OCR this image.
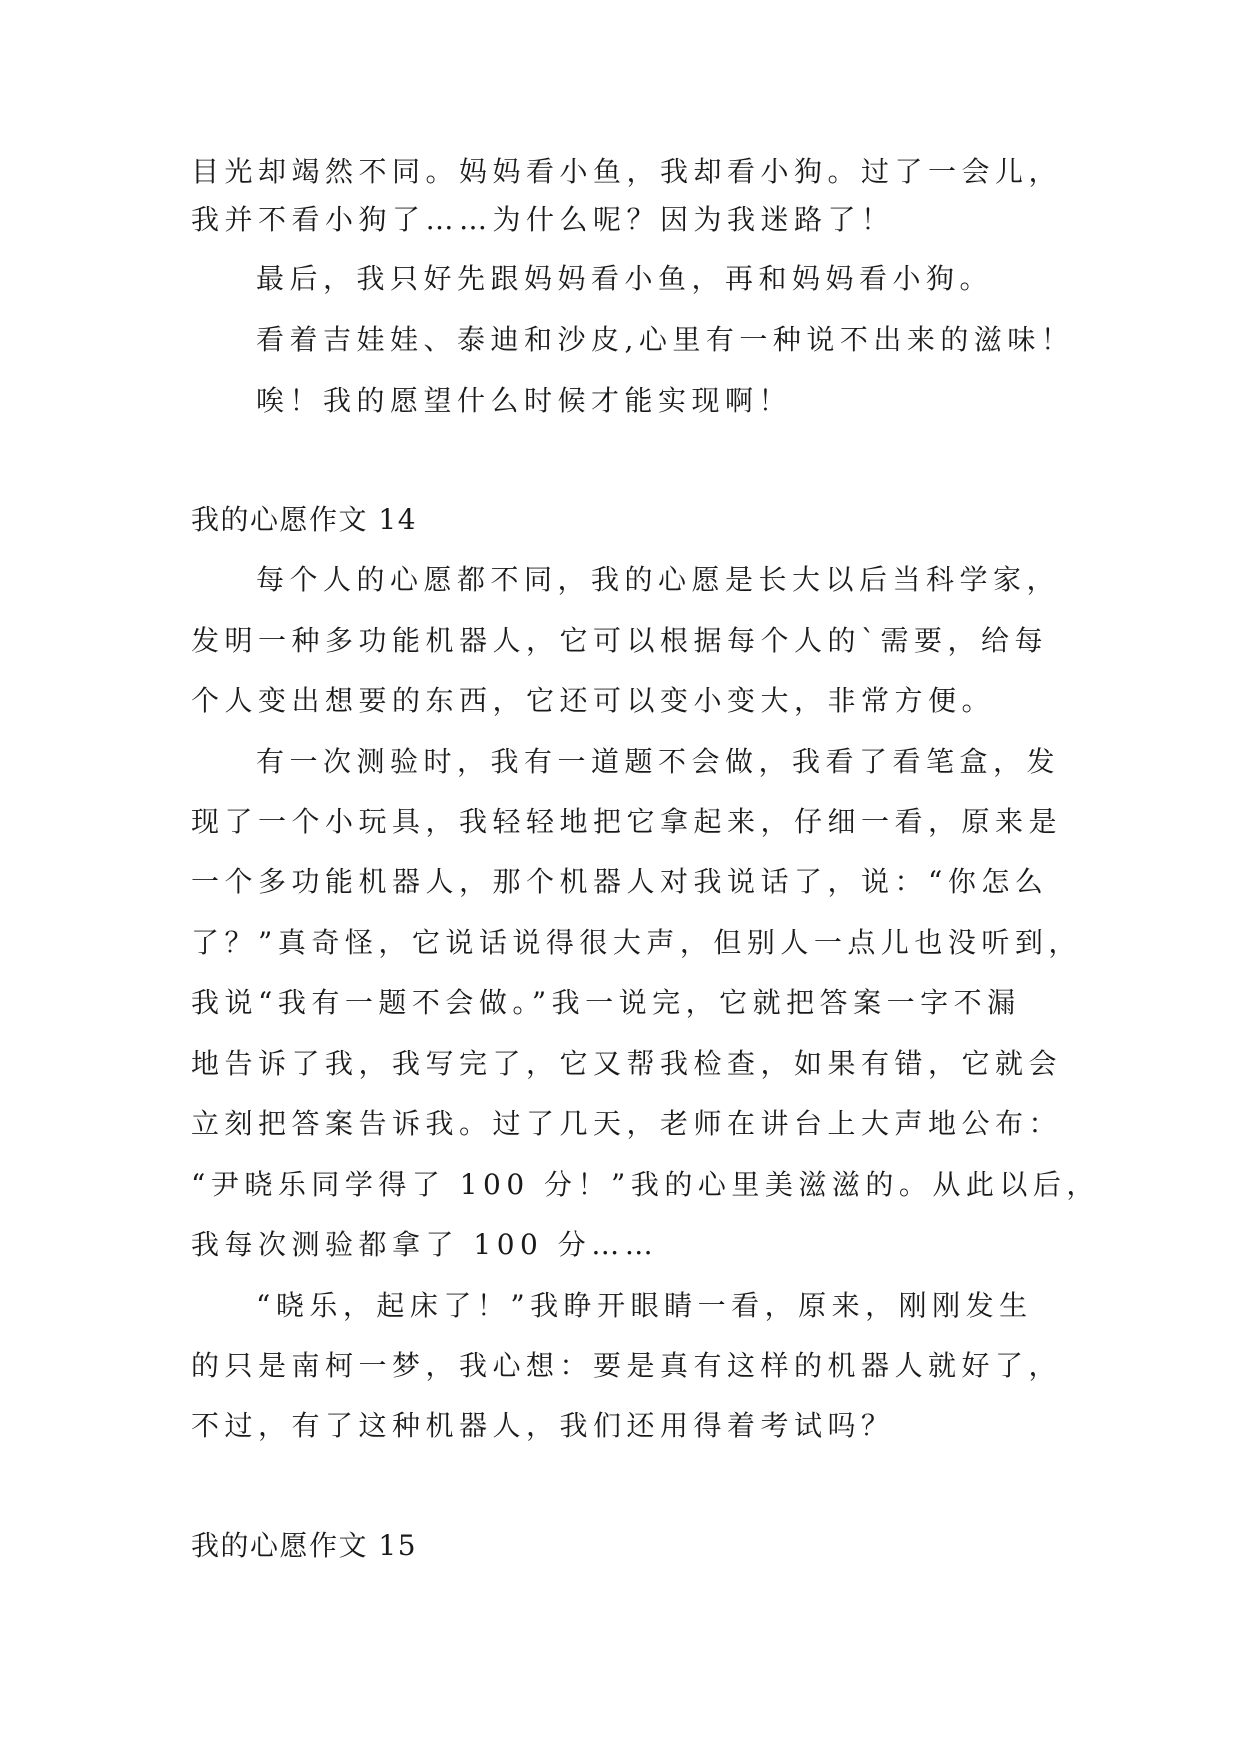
目光却竭然不同。妈妈看小鱼，我却看小狗。过了一会儿，
我并不看小狗了……为什么呢？因为我迷路了！
最后，我只好先跟妈妈看小鱼，再和妈妈看小狗。
看着吉娃娃、泰迪和沙皮,心里有一种说不出来的滋味！
唉！我的愿望什么时候才能实现啊！
我的心愿作文 14
每个人的心愿都不同，我的心愿是长大以后当科学家，
发明一种多功能机器人，它可以根据每个人的`需要，给每
个人变出想要的东西，它还可以变小变大，非常方便。
有一次测验时，我有一道题不会做，我看了看笔盒，发
现了一个小玩具，我轻轻地把它拿起来，仔细一看，原来是
一个多功能机器人，那个机器人对我说话了，说：“你怎么
了？”真奇怪，它说话说得很大声，但别人一点儿也没听到，
我说“我有一题不会做。”我一说完，它就把答案一字不漏
地告诉了我，我写完了，它又帮我检查，如果有错，它就会
立刻把答案告诉我。过了几天，老师在讲台上大声地公布：
“尹晓乐同学得了 100 分！”我的心里美滋滋的。从此以后，
我每次测验都拿了 100 分……
“晓乐，起床了！”我睁开眼睛一看，原来，刚刚发生
的只是南柯一梦，我心想：要是真有这样的机器人就好了，
不过，有了这种机器人，我们还用得着考试吗？
我的心愿作文 15
